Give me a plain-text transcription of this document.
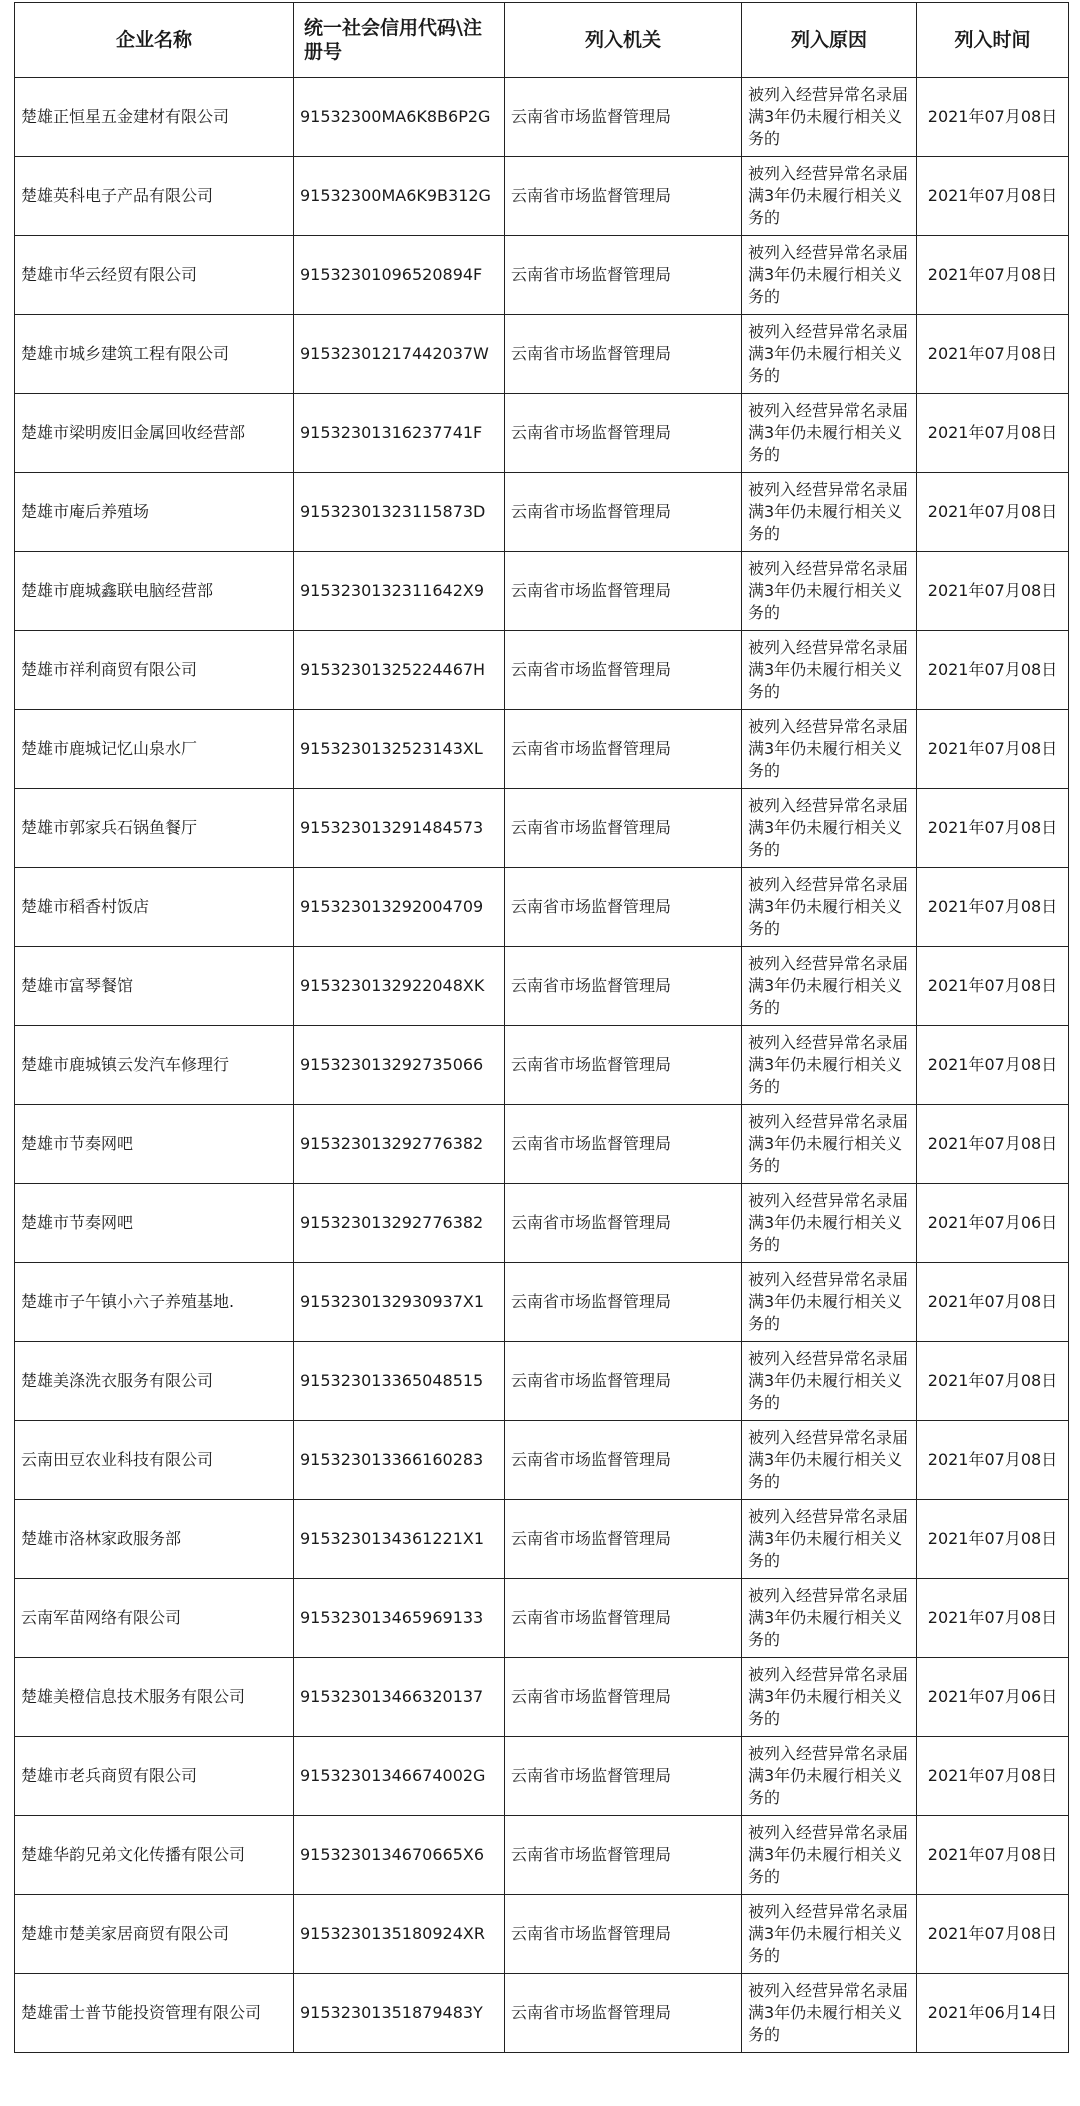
企业名称	统一社会信用代码\注册号	列入机关	列入原因	列入时间
楚雄正恒星五金建材有限公司	91532300MA6K8B6P2G	云南省市场监督管理局	被列入经营异常名录届满3年仍未履行相关义务的	2021年07月08日
楚雄英科电子产品有限公司	91532300MA6K9B312G	云南省市场监督管理局	被列入经营异常名录届满3年仍未履行相关义务的	2021年07月08日
楚雄市华云经贸有限公司	915323010965208​94F	云南省市场监督管理局	被列入经营异常名录届满3年仍未履行相关义务的	2021年07月08日
楚雄市城乡建筑工程有限公司	91532301217442037W	云南省市场监督管理局	被列入经营异常名录届满3年仍未履行相关义务的	2021年07月08日
楚雄市梁明废旧金属回收经营部	91532301316237741F	云南省市场监督管理局	被列入经营异常名录届满3年仍未履行相关义务的	2021年07月08日
楚雄市庵后养殖场	91532301323115873D	云南省市场监督管理局	被列入经营异常名录届满3年仍未履行相关义务的	2021年07月08日
楚雄市鹿城鑫联电脑经营部	915323013231164​2X9	云南省市场监督管理局	被列入经营异常名录届满3年仍未履行相关义务的	2021年07月08日
楚雄市祥利商贸有限公司	91532301325224467H	云南省市场监督管理局	被列入经营异常名录届满3年仍未履行相关义务的	2021年07月08日
楚雄市鹿城记忆山泉水厂	9153230132523143XL	云南省市场监督管理局	被列入经营异常名录届满3年仍未履行相关义务的	2021年07月08日
楚雄市郭家兵石锅鱼餐厅	915323013291484573	云南省市场监督管理局	被列入经营异常名录届满3年仍未履行相关义务的	2021年07月08日
楚雄市稻香村饭店	915323013292004709	云南省市场监督管理局	被列入经营异常名录届满3年仍未履行相关义务的	2021年07月08日
楚雄市富琴餐馆	9153230132922048XK	云南省市场监督管理局	被列入经营异常名录届满3年仍未履行相关义务的	2021年07月08日
楚雄市鹿城镇云发汽车修理行	915323013292735066	云南省市场监督管理局	被列入经营异常名录届满3年仍未履行相关义务的	2021年07月08日
楚雄市节奏网吧	915323013292776382	云南省市场监督管理局	被列入经营异常名录届满3年仍未履行相关义务的	2021年07月08日
楚雄市节奏网吧	915323013292776382	云南省市场监督管理局	被列入经营异常名录届满3年仍未履行相关义务的	2021年07月06日
楚雄市子午镇小六子养殖基地.	9153230132930937X1	云南省市场监督管理局	被列入经营异常名录届满3年仍未履行相关义务的	2021年07月08日
楚雄美涤洗衣服务有限公司	915323013365048515	云南省市场监督管理局	被列入经营异常名录届满3年仍未履行相关义务的	2021年07月08日
云南田豆农业科技有限公司	915323013366160283	云南省市场监督管理局	被列入经营异常名录届满3年仍未履行相关义务的	2021年07月08日
楚雄市洛林家政服务部	9153230134361221X1	云南省市场监督管理局	被列入经营异常名录届满3年仍未履行相关义务的	2021年07月08日
云南军苗网络有限公司	915323013465969133	云南省市场监督管理局	被列入经营异常名录届满3年仍未履行相关义务的	2021年07月08日
楚雄美橙信息技术服务有限公司	915323013466320137	云南省市场监督管理局	被列入经营异常名录届满3年仍未履行相关义务的	2021年07月06日
楚雄市老兵商贸有限公司	91532301346674002G	云南省市场监督管理局	被列入经营异常名录届满3年仍未履行相关义务的	2021年07月08日
楚雄华韵兄弟文化传播有限公司	91532301346706​65X6	云南省市场监督管理局	被列入经营异常名录届满3年仍未履行相关义务的	2021年07月08日
楚雄市楚美家居商贸有限公司	9153230135180924XR	云南省市场监督管理局	被列入经营异常名录届满3年仍未履行相关义务的	2021年07月08日
楚雄雷士普节能投资管理有限公司	91532301351879483Y	云南省市场监督管理局	被列入经营异常名录届满3年仍未履行相关义务的	2021年06月14日
